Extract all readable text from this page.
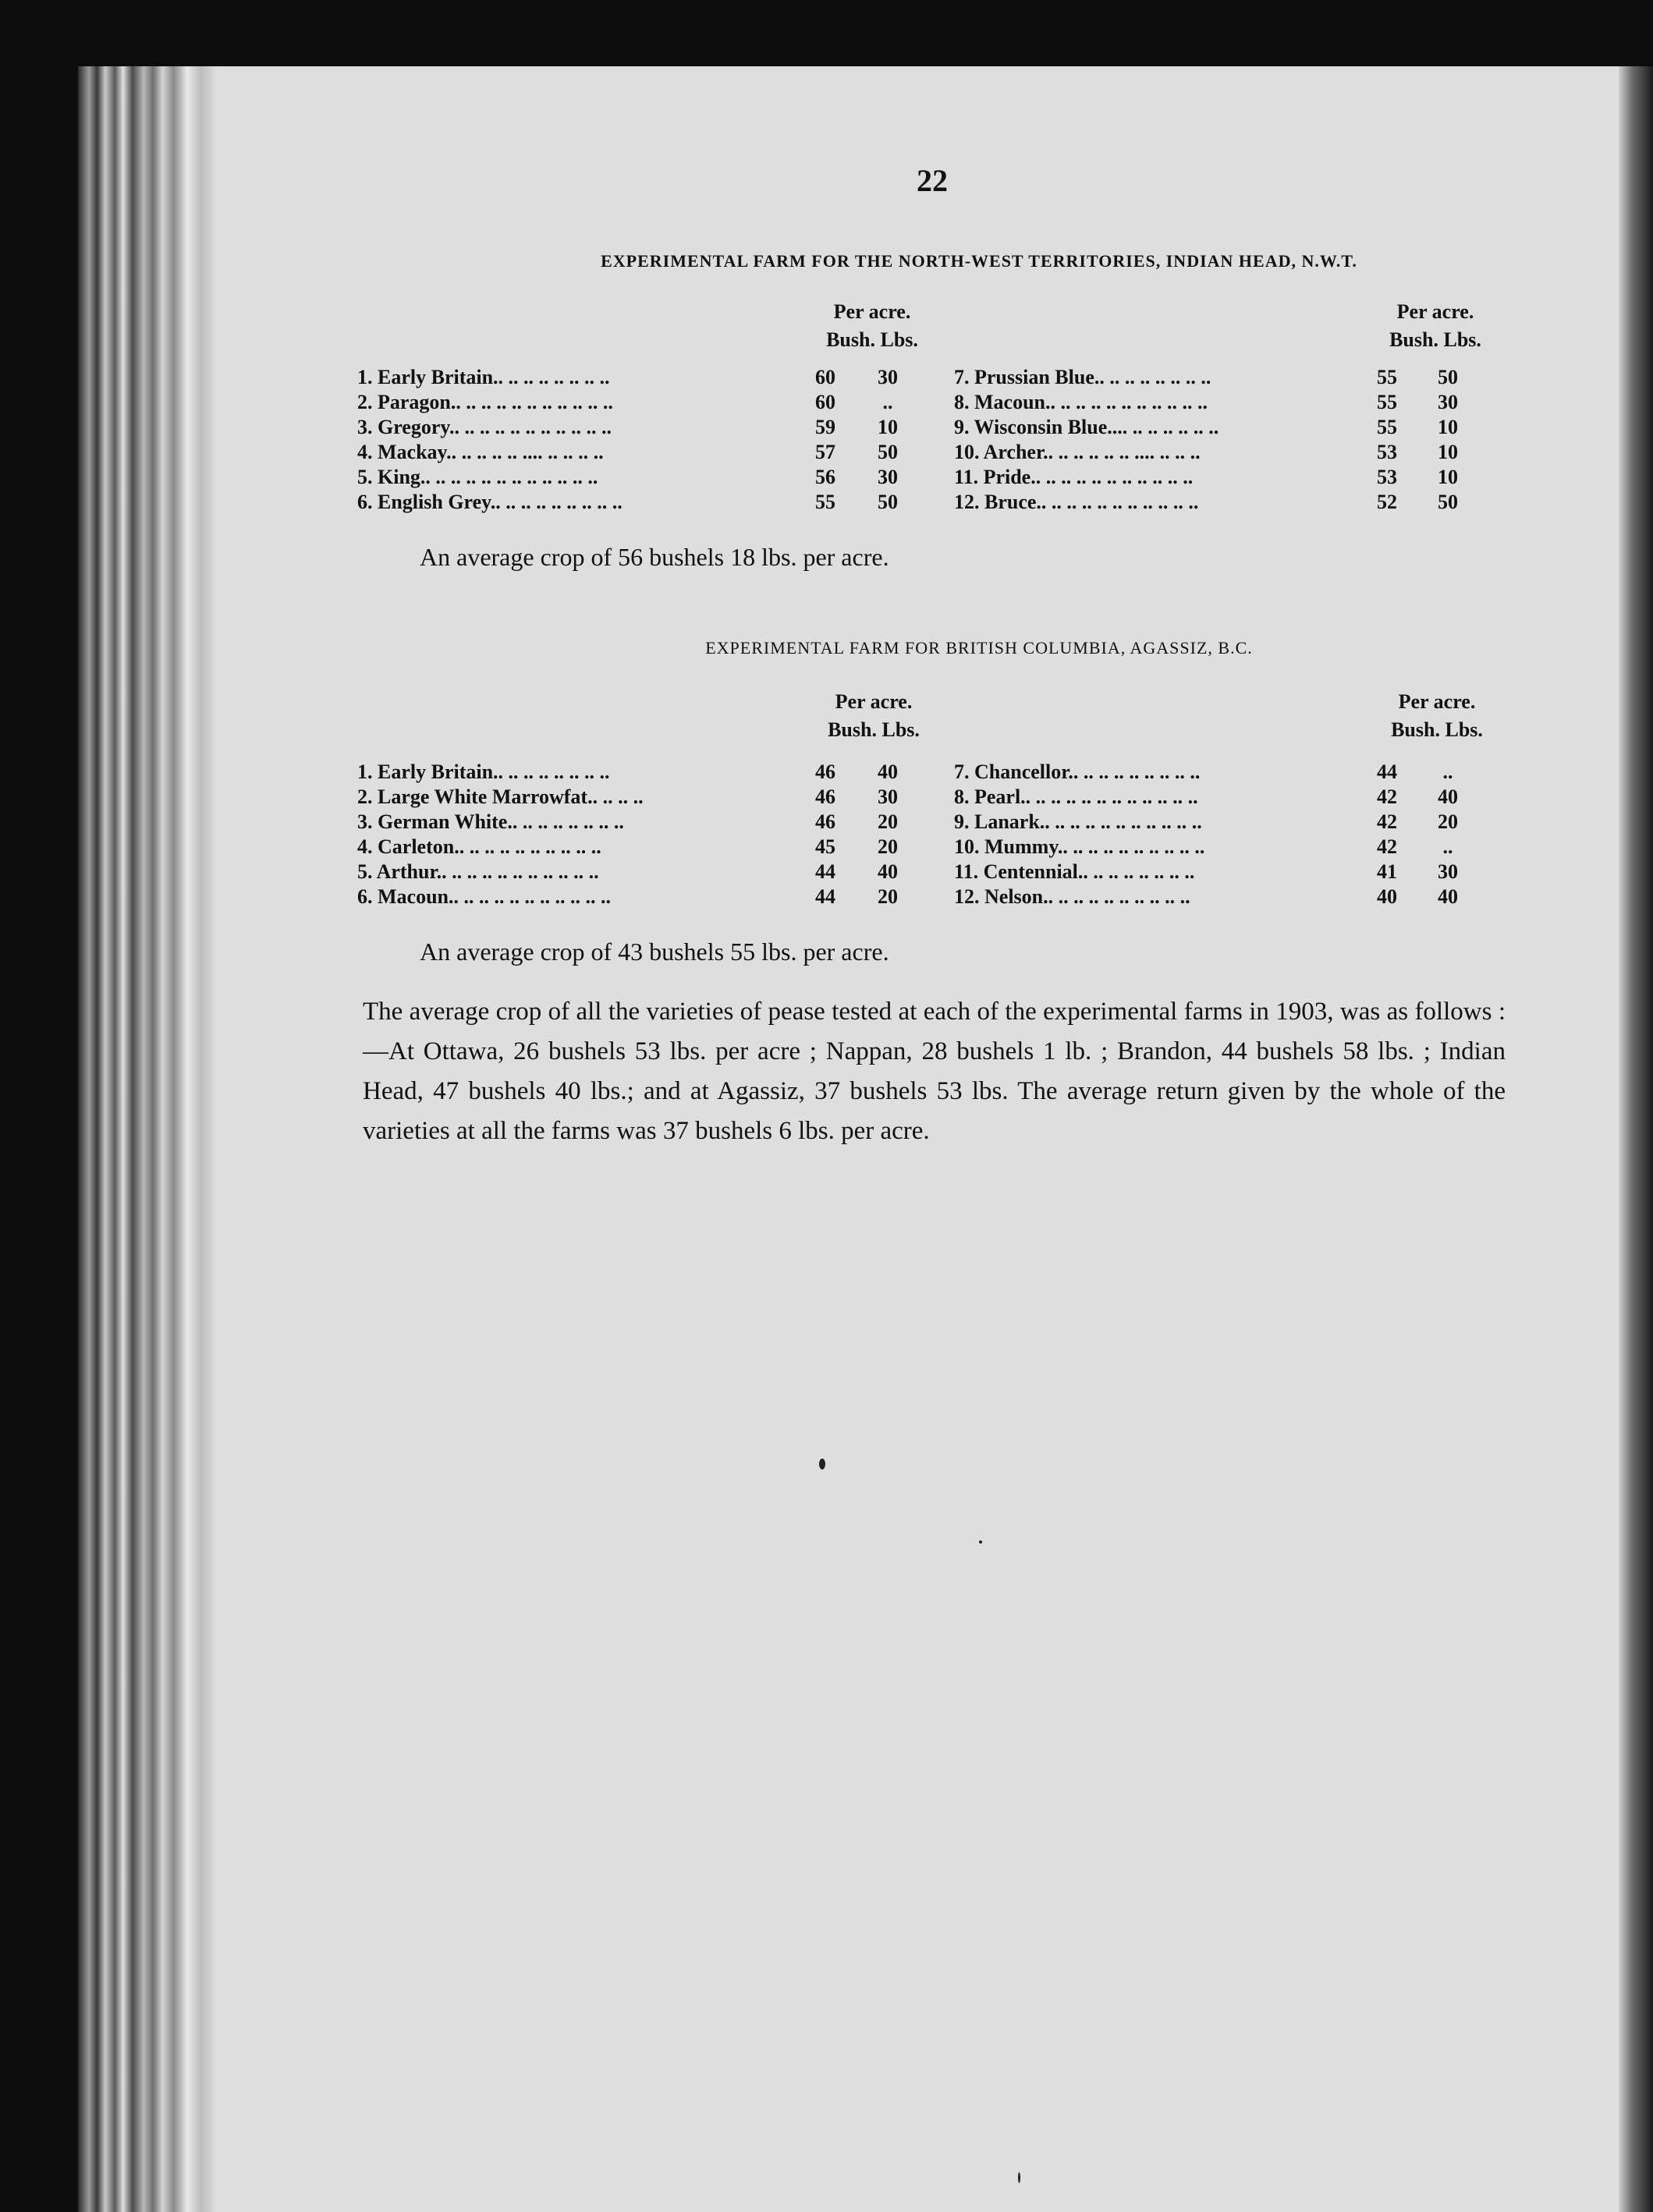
22
EXPERIMENTAL FARM FOR THE NORTH-WEST TERRITORIES, INDIAN HEAD, N.W.T.
Per acre.
Bush. Lbs.
Per acre.
Bush. Lbs.
1. Early Britain.. .. .. .. .. .. .. ..	60	30	7. Prussian Blue.. .. .. .. .. .. .. ..	55	50
2. Paragon.. .. .. .. .. .. .. .. .. .. ..	60	..	8. Macoun.. .. .. .. .. .. .. .. .. .. ..	55	30
3. Gregory.. .. .. .. .. .. .. .. .. .. ..	59	10	9. Wisconsin Blue.... .. .. .. .. .. ..	55	10
4. Mackay.. .. .. .. .. .... .. .. .. ..	57	50	10. Archer.. .. .. .. .. .. .... .. .. ..	53	10
5. King.. .. .. .. .. .. .. .. .. .. .. ..	56	30	11. Pride.. .. .. .. .. .. .. .. .. .. ..	53	10
6. English Grey.. .. .. .. .. .. .. .. ..	55	50	12. Bruce.. .. .. .. .. .. .. .. .. .. ..	52	50
An average crop of 56 bushels 18 lbs. per acre.
EXPERIMENTAL FARM FOR BRITISH COLUMBIA, AGASSIZ, B.C.
Per acre.
Bush. Lbs.
Per acre.
Bush. Lbs.
1. Early Britain.. .. .. .. .. .. .. ..	46	40	7. Chancellor.. .. .. .. .. .. .. .. ..	44	..
2. Large White Marrowfat.. .. .. ..	46	30	8. Pearl.. .. .. .. .. .. .. .. .. .. .. ..	42	40
3. German White.. .. .. .. .. .. .. ..	46	20	9. Lanark.. .. .. .. .. .. .. .. .. .. ..	42	20
4. Carleton.. .. .. .. .. .. .. .. .. ..	45	20	10. Mummy.. .. .. .. .. .. .. .. .. ..	42	..
5. Arthur.. .. .. .. .. .. .. .. .. .. ..	44	40	11. Centennial.. .. .. .. .. .. .. ..	41	30
6. Macoun.. .. .. .. .. .. .. .. .. .. ..	44	20	12. Nelson.. .. .. .. .. .. .. .. .. ..	40	40
An average crop of 43 bushels 55 lbs. per acre.
The average crop of all the varieties of pease tested at each of the experimental farms in 1903, was as follows :—At Ottawa, 26 bushels 53 lbs. per acre ; Nappan, 28 bushels 1 lb. ; Brandon, 44 bushels 58 lbs. ; Indian Head, 47 bushels 40 lbs.; and at Agassiz, 37 bushels 53 lbs. The average return given by the whole of the varieties at all the farms was 37 bushels 6 lbs. per acre.
